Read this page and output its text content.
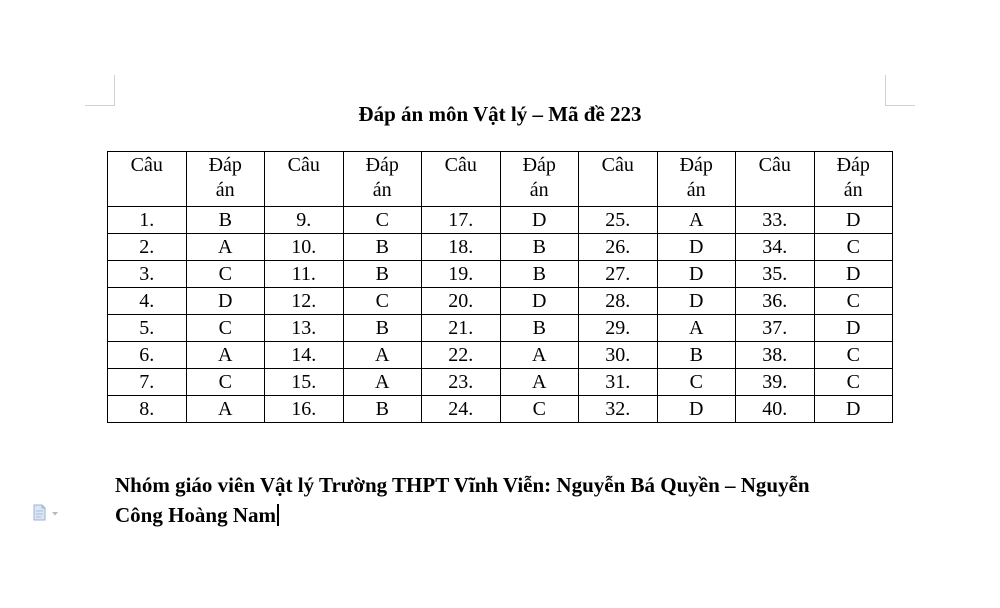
Đáp án môn Vật lý – Mã đề 223
Câu	Đáp án	Câu	Đáp án	Câu	Đáp án	Câu	Đáp án	Câu	Đáp án
1.	B	9.	C	17.	D	25.	A	33.	D
2.	A	10.	B	18.	B	26.	D	34.	C
3.	C	11.	B	19.	B	27.	D	35.	D
4.	D	12.	C	20.	D	28.	D	36.	C
5.	C	13.	B	21.	B	29.	A	37.	D
6.	A	14.	A	22.	A	30.	B	38.	C
7.	C	15.	A	23.	A	31.	C	39.	C
8.	A	16.	B	24.	C	32.	D	40.	D
Nhóm giáo viên Vật lý Trường THPT Vĩnh Viễn: Nguyễn Bá Quyền – Nguyễn
Công Hoàng Nam
